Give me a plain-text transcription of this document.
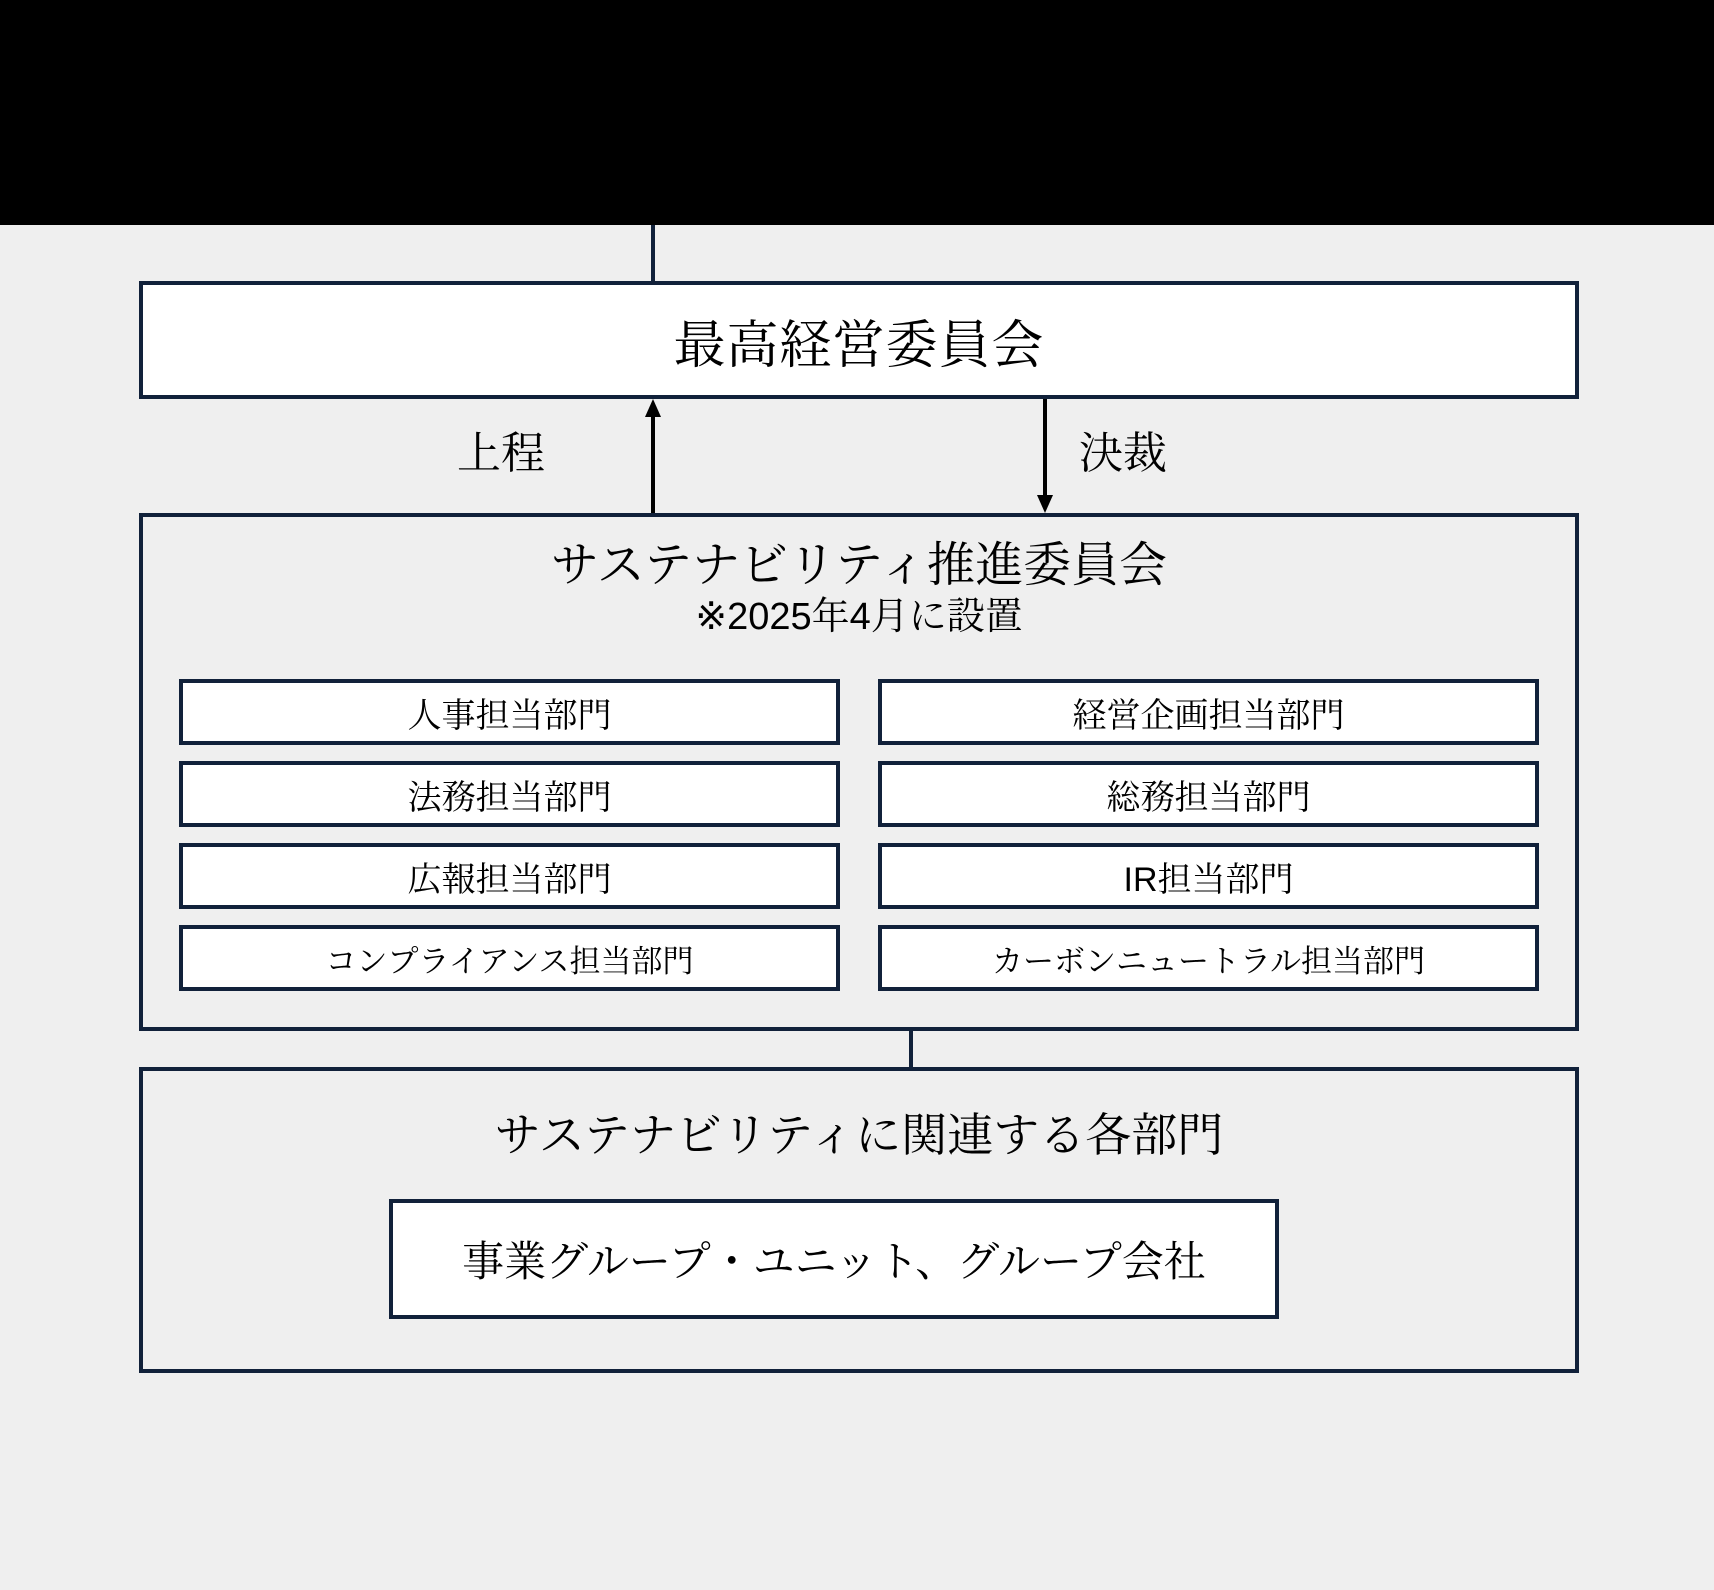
最高経営委員会
上程	決裁
サステナビリティ推進委員会
※2025年4月に設置
人事担当部門
法務担当部門
広報担当部門
コンプライアンス担当部門
経営企画担当部門
総務担当部門
IR担当部門
カーボンニュートラル担当部門
サステナビリティに関連する各部門
事業グループ・ユニット、グループ会社
